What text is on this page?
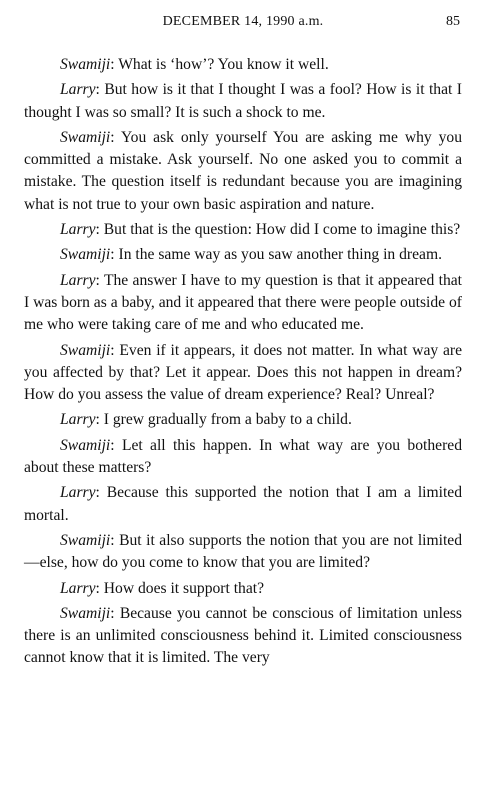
DECEMBER 14, 1990 a.m.	85

Swamiji: What is ‘how’? You know it well.

Larry: But how is it that I thought I was a fool? How is it that I thought I was so small? It is such a shock to me.

Swamiji: You ask only yourself You are asking me why you committed a mistake. Ask yourself. No one asked you to commit a mistake. The question itself is redundant because you are imagining what is not true to your own basic aspiration and nature.

Larry: But that is the question: How did I come to imagine this?

Swamiji: In the same way as you saw another thing in dream.

Larry: The answer I have to my question is that it appeared that I was born as a baby, and it appeared that there were people outside of me who were taking care of me and who educated me.

Swamiji: Even if it appears, it does not matter. In what way are you affected by that? Let it appear. Does this not happen in dream? How do you assess the value of dream experience? Real? Unreal?

Larry: I grew gradually from a baby to a child.

Swamiji: Let all this happen. In what way are you bothered about these matters?

Larry: Because this supported the notion that I am a limited mortal.

Swamiji: But it also supports the notion that you are not limited—else, how do you come to know that you are limited?

Larry: How does it support that?

Swamiji: Because you cannot be conscious of limitation unless there is an unlimited consciousness behind it. Limited consciousness cannot know that it is limited. The very
